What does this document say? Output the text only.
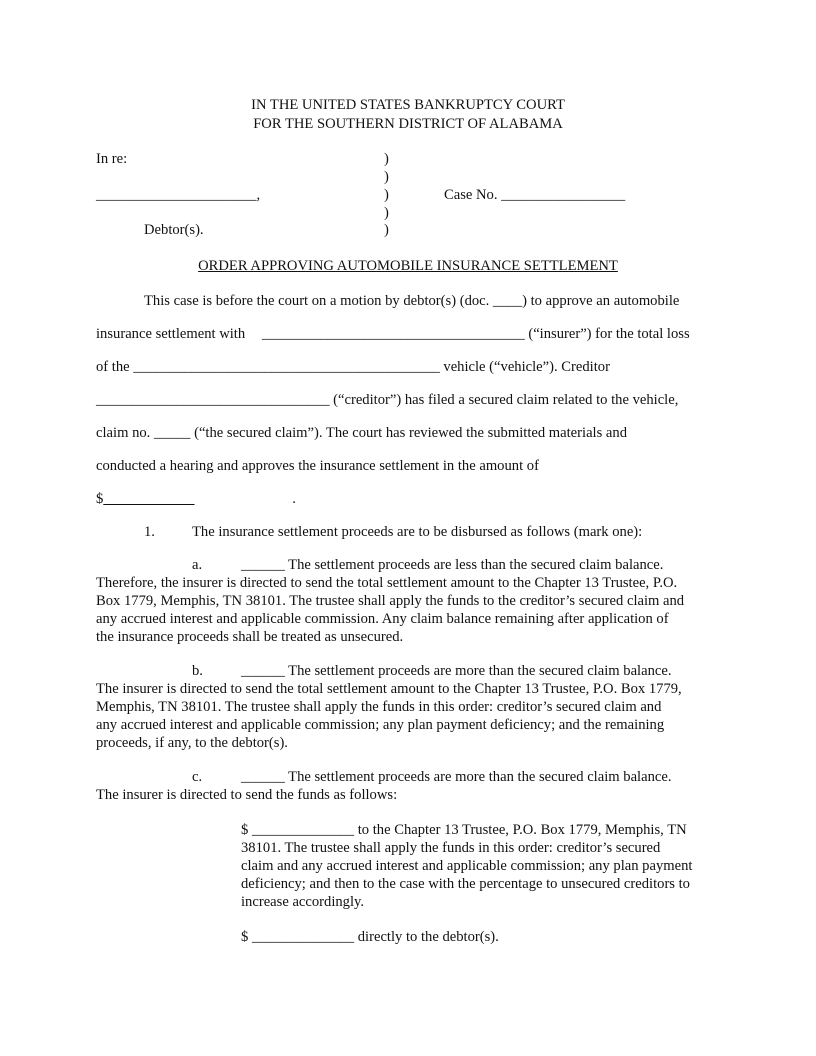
IN THE UNITED STATES BANKRUPTCY COURT
FOR THE SOUTHERN DISTRICT OF ALABAMA
In re:
______________________,
Debtor(s).
)
)
)
)
)
Case No. _________________
ORDER APPROVING AUTOMOBILE INSURANCE SETTLEMENT
This case is before the court on a motion by debtor(s) (doc. ____) to approve an automobile
insurance settlement with ____________________________________ (“insurer”) for the total loss
of the __________________________________________ vehicle (“vehicle”). Creditor
________________________________ (“creditor”) has filed a secured claim related to the vehicle,
claim no. _____ (“the secured claim”). The court has reviewed the submitted materials and
conducted a hearing and approves the insurance settlement in the amount of
$	.
1.	The insurance settlement proceeds are to be disbursed as follows (mark one):
a.	______ The settlement proceeds are less than the secured claim balance.
Therefore, the insurer is directed to send the total settlement amount to the Chapter 13 Trustee, P.O.
Box 1779, Memphis, TN 38101. The trustee shall apply the funds to the creditor’s secured claim and
any accrued interest and applicable commission. Any claim balance remaining after application of
the insurance proceeds shall be treated as unsecured.
b.	______ The settlement proceeds are more than the secured claim balance.
The insurer is directed to send the total settlement amount to the Chapter 13 Trustee, P.O. Box 1779,
Memphis, TN 38101. The trustee shall apply the funds in this order: creditor’s secured claim and
any accrued interest and applicable commission; any plan payment deficiency; and the remaining
proceeds, if any, to the debtor(s).
c.	______ The settlement proceeds are more than the secured claim balance.
The insurer is directed to send the funds as follows:
$ ______________ to the Chapter 13 Trustee, P.O. Box 1779, Memphis, TN
38101. The trustee shall apply the funds in this order: creditor’s secured
claim and any accrued interest and applicable commission; any plan payment
deficiency; and then to the case with the percentage to unsecured creditors to
increase accordingly.
$ ______________ directly to the debtor(s).
